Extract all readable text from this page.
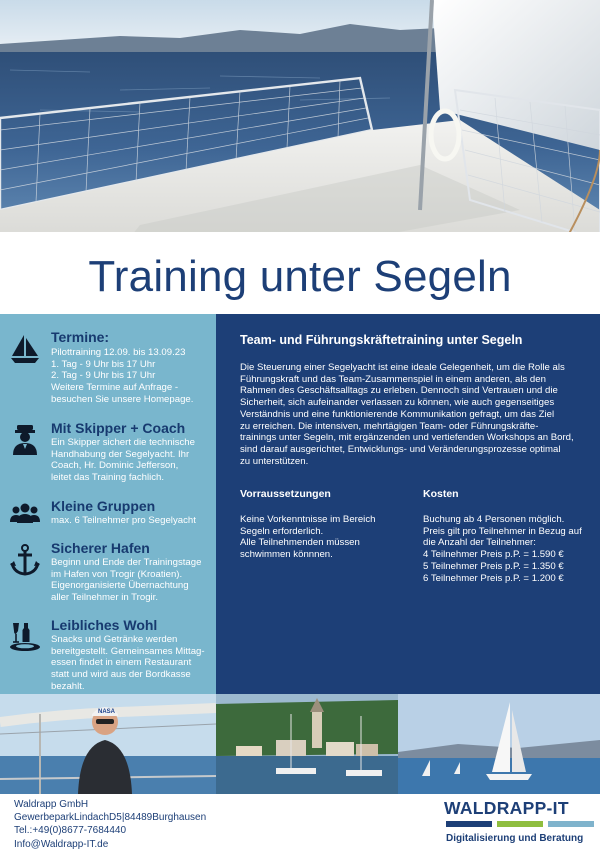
Training unter Segeln
Termine:
Pilottraining 12.09. bis 13.09.23
1. Tag - 9 Uhr bis 17 Uhr
2. Tag - 9 Uhr bis 17 Uhr
Weitere Termine auf Anfrage -
besuchen Sie unsere Homepage.
Mit Skipper + Coach
Ein Skipper sichert die technische
Handhabung der Segelyacht. Ihr
Coach, Hr. Dominic Jefferson,
leitet das Training fachlich.
Kleine Gruppen
max. 6 Teilnehmer pro Segelyacht
Sicherer Hafen
Beginn und Ende der Trainingstage
im Hafen von Trogir (Kroatien).
Eigenorganisierte Übernachtung
aller Teilnehmer in Trogir.
Leibliches Wohl
Snacks und Getränke werden
bereitgestellt. Gemeinsames Mittag-
essen findet in einem Restaurant
statt und wird aus der Bordkasse
bezahlt.
Team- und Führungskräftetraining unter Segeln
Die Steuerung einer Segelyacht ist eine ideale Gelegenheit, um die Rolle als
Führungskraft und das Team-Zusammenspiel in einem anderen, als den
Rahmen des Geschäftsalltags zu erleben. Dennoch sind Vertrauen und die
Sicherheit, sich aufeinander verlassen zu können, wie auch gegenseitiges
Verständnis und eine funktionierende Kommunikation gefragt, um das Ziel
zu erreichen. Die intensiven, mehrtägigen Team- oder Führungskräfte-
trainings unter Segeln, mit ergänzenden und vertiefenden Workshops an Bord,
sind darauf ausgerichtet, Entwicklungs- und Veränderungsprozesse optimal
zu unterstützen.
Vorraussetzungen
Keine Vorkenntnisse im Bereich
Segeln erforderlich.
Alle Teilnehmenden müssen
schwimmen könnnen.
Kosten
Buchung ab 4 Personen möglich.
Preis gilt pro Teilnehmer in Bezug auf
die Anzahl der Teilnehmer:
4 Teilnehmer Preis p.P. = 1.590 €
5 Teilnehmer Preis p.P. = 1.350 €
6 Teilnehmer Preis p.P. = 1.200 €
NASA
Waldrapp GmbH
GewerbeparkLindachD5|84489Burghausen
Tel.:+49(0)8677-7684440
Info@Waldrapp-IT.de
WALDRAPP-IT
Digitalisierung und Beratung
